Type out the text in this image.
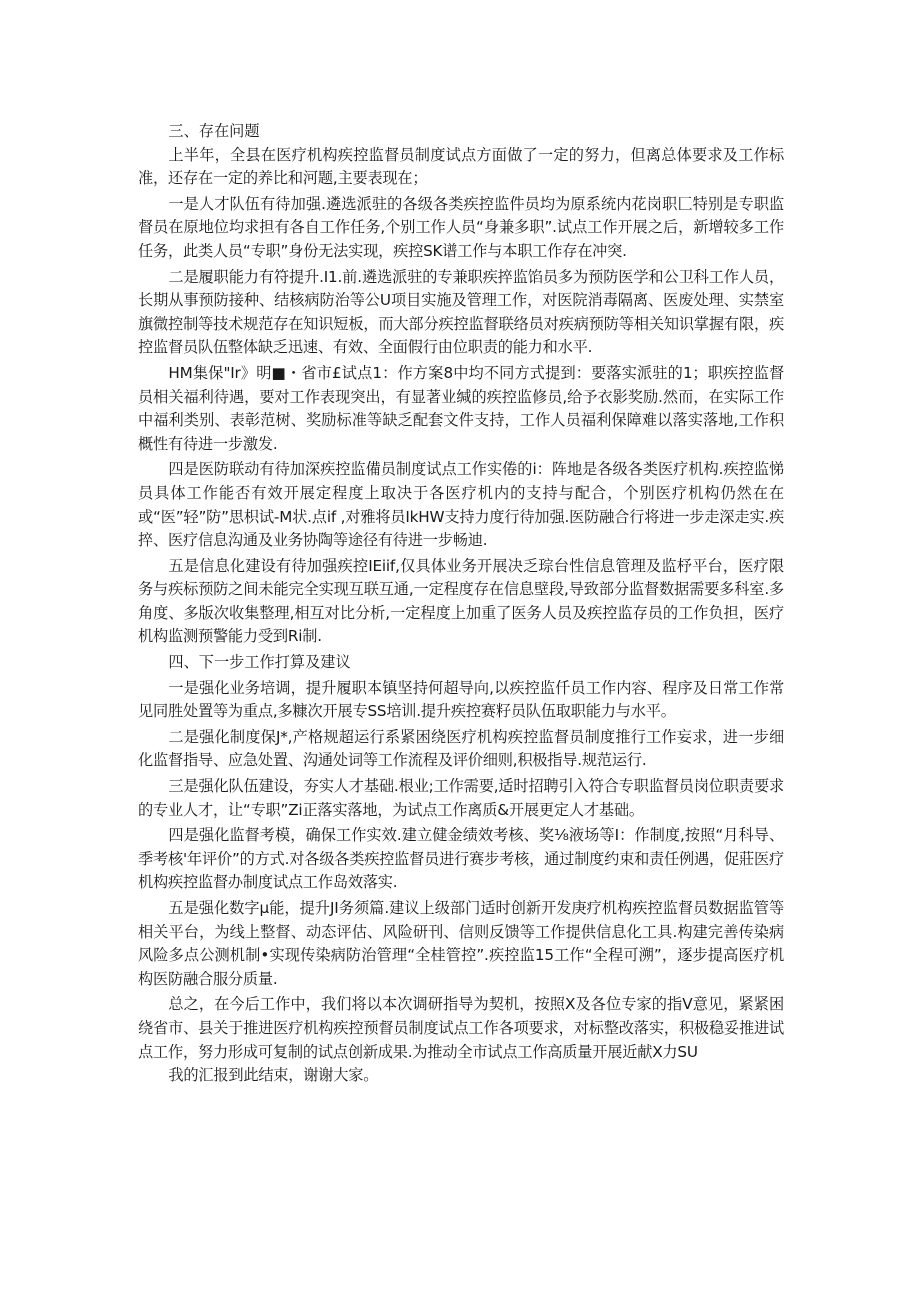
三、存在问题

上半年，全县在医疗机构疾控监督员制度试点方面做了一定的努力，但离总体要求及工作标准，还存在一定的养比和河题,主要表现在；

一是人才队伍有待加强.遴选派驻的各级各类疾控监件员均为原系统内花岗职匚特别是专职监督员在原地位均求担有各自工作任务,个别工作人员“身兼多职”.试点工作开展之后，新增较多工作任务，此类人员“专职”身份无法实现，疾控SK谱工作与本职工作存在冲突.

二是履职能力有符提升.I1.前.遴选派驻的专兼职疾捽监馅员多为预防医学和公卫科工作人员，长期从事预防接种、结核病防治等公U项目实施及管理工作，对医院消毒隔离、医废处理、实禁室旗微控制等技术规范存在知识短板，而大部分疾控监督联络员对疾病预防等相关知识掌握有限，疾控监督员队伍整体缺乏迅速、有效、全面假行由位职责的能力和水平.

HM集保"Ir》明■・省市£试点1：作方案8中均不同方式提到：要落实派驻的1；职疾控监督员相关福利待遇，要对工作表现突出，有显著业缄的疾控监修员,给予衣影奖励.然而，在实际工作中福利类别、表彰范树、奖励标准等缺乏配套文件支持，工作人员福利保障难以落实落地,工作积概性有待进一步激发.

四是医防联动有待加深疾控监備员制度试点工作实倦的i：阵地是各级各类医疗机构.疾控监悌员具体工作能否有效开展定程度上取决于各医疗机内的支持与配合，个别医疗机构仍然在在或“医”轻”防”思枳试-M状.点if ,对雅将员IkHW支持力度行待加强.医防融合行将进一步走深走实.疾捽、医疗信息沟通及业务协陶等途径有待进一步畅迪.

五是信息化建设有待加强疾控IEiif,仅具体业务开展决乏琮台性信息管理及监杼平台，医疗限务与疾标预防之间未能完全实现互联互通,一定程度存在信息壁段,导致部分监督数据需要多科室.多角度、多版次收集整理,相互对比分析,一定程度上加重了医务人员及疾控监存员的工作负担，医疗机构监测预警能力受到Ri制.

四、下一步工作打算及建议

一是强化业务培调，提升履职本镇坚持何超导向,以疾控监仟员工作内容、程序及日常工作常见同胜处置等为重点,多糠次开展专SS培训.提升疾控赛籽员队伍取职能力与水平。

二是强化制度保J*,产格规超运行系紧困绕医疗机构疾控监督员制度推行工作妄求，进一步细化监督指导、应急处置、沟通处词等工作流程及评价细则,积极指导.规范运行.

三是强化队伍建设，夯实人才基础.根业;工作需要,适时招聘引入符合专职监督员岗位职责要求的专业人才，让“专职”Zi正落实落地，为试点工作离质&开展更定人才基础。

四是强化监督考模，确保工作实效.建立健金绩效考核、奖⅛液场等I：作制度,按照“月科导、季考核'年评价”的方式.对各级各类疾控监督员进行赛步考核，通过制度约束和责任例遇，促莊医疗机构疾控监督办制度试点工作岛效落实.

五是强化数字μ能，提升JI务须篇.建议上级部门适时创新开发庚疗机构疾控监督员数据监管等相关平台，为线上整督、动态评估、风险研刊、信则反馈等工作提供信息化工具.构建完善传染病风险多点公测机制•实现传染病防治管理“全桂管控”.疾控监15工作“全程可溯”，逐步提高医疗机构医防融合服分质量.

总之，在今后工作中，我们将以本次调研指导为契机，按照X及各位专家的指V意见，紧紧困绕省市、县关于推进医疗机构疾控预督员制度试点工作各项要求，对标整改落实，积极稳妥推进试点工作，努力形成可复制的试点创新成果.为推动全市试点工作高质量开展近献X力SU

我的汇报到此结束，谢谢大家。
